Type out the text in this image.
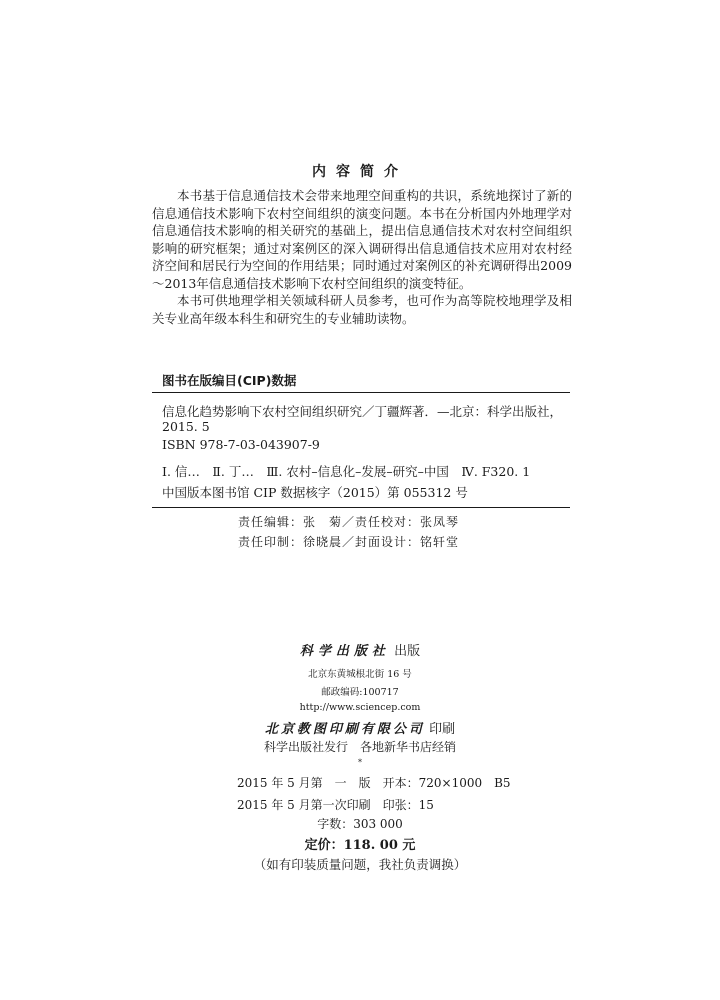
内容简介

本书基于信息通信技术会带来地理空间重构的共识，系统地探讨了新的信息通信技术影响下农村空间组织的演变问题。本书在分析国内外地理学对信息通信技术影响的相关研究的基础上，提出信息通信技术对农村空间组织影响的研究框架；通过对案例区的深入调研得出信息通信技术应用对农村经济空间和居民行为空间的作用结果；同时通过对案例区的补充调研得出2009～2013年信息通信技术影响下农村空间组织的演变特征。

本书可供地理学相关领域科研人员参考，也可作为高等院校地理学及相关专业高年级本科生和研究生的专业辅助读物。

图书在版编目(CIP)数据
信息化趋势影响下农村空间组织研究／丁疆辉著．—北京：科学出版社，
2015. 5
ISBN 978-7-03-043907-9
Ⅰ. 信…　Ⅱ. 丁…　Ⅲ. 农村–信息化–发展–研究–中国　Ⅳ. F320. 1
中国版本图书馆 CIP 数据核字（2015）第 055312 号
责任编辑：张　菊／责任校对：张凤琴
责任印制：徐晓晨／封面设计：铭轩堂
科学出版社 出版
北京东黄城根北街 16 号
邮政编码:100717
http://www.sciencep.com
北京教图印刷有限公司 印刷
科学出版社发行　各地新华书店经销
*
2015 年 5 月第　一　版　开本：720×1000　B5
2015 年 5 月第一次印刷　印张：15
字数：303 000
定价：118. 00 元
（如有印装质量问题，我社负责调换）
